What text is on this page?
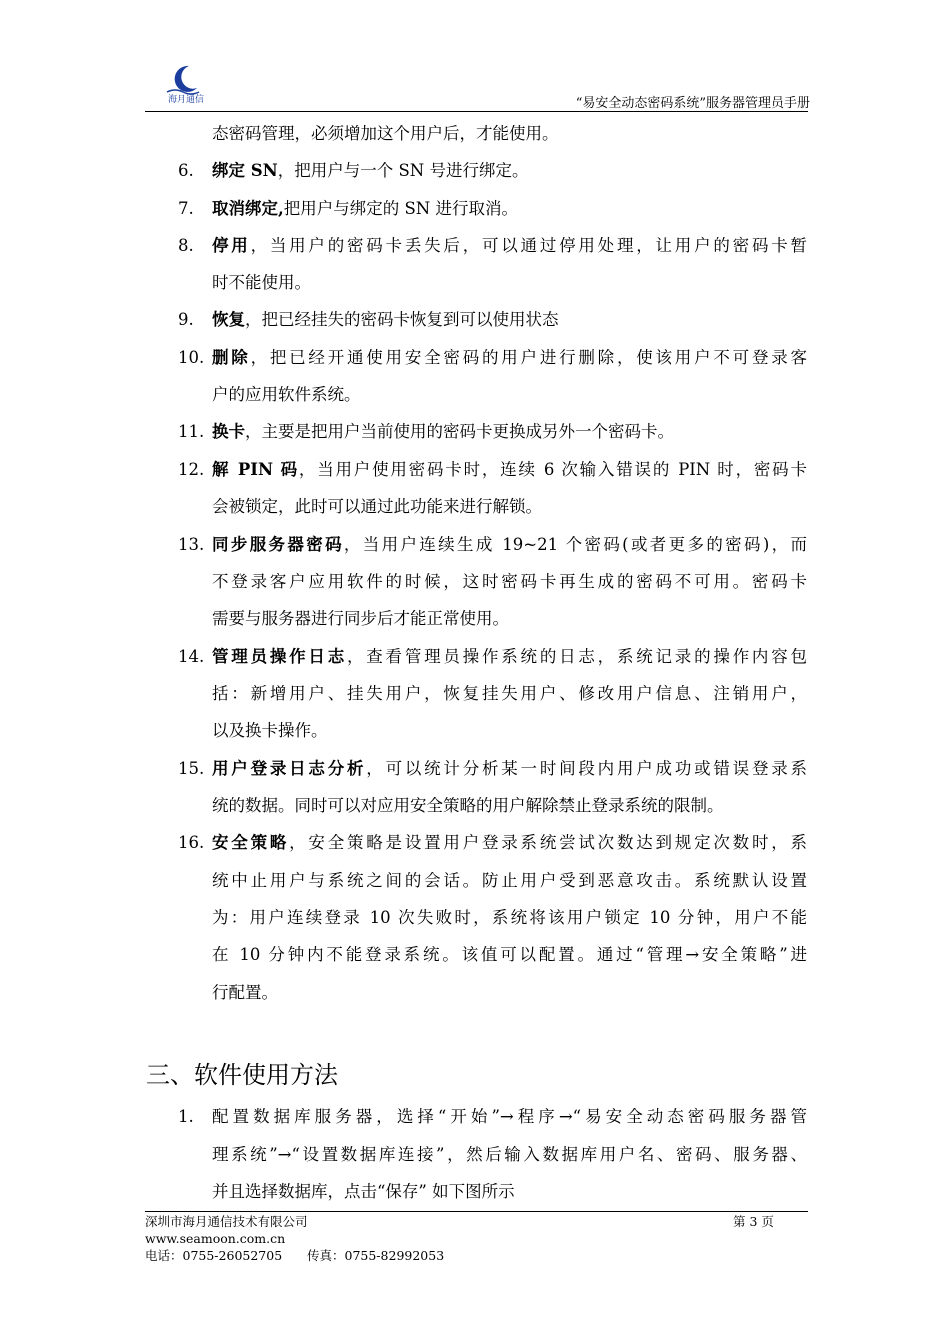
海月通信	“易安全动态密码系统”服务器管理员手册
态密码管理，必须增加这个用户后，才能使用。
6. 绑定 SN，把用户与一个 SN 号进行绑定。
7. 取消绑定,把用户与绑定的 SN 进行取消。
8. 停用，当用户的密码卡丢失后，可以通过停用处理，让用户的密码卡暂
时不能使用。
9. 恢复，把已经挂失的密码卡恢复到可以使用状态
10. 删除，把已经开通使用安全密码的用户进行删除，使该用户不可登录客
户的应用软件系统。
11. 换卡，主要是把用户当前使用的密码卡更换成另外一个密码卡。
12. 解 PIN 码，当用户使用密码卡时，连续 6 次输入错误的 PIN 时，密码卡
会被锁定，此时可以通过此功能来进行解锁。
13. 同步服务器密码，当用户连续生成 19~21 个密码(或者更多的密码)，而
不登录客户应用软件的时候，这时密码卡再生成的密码不可用。密码卡
需要与服务器进行同步后才能正常使用。
14. 管理员操作日志，查看管理员操作系统的日志，系统记录的操作内容包
括：新增用户、挂失用户，恢复挂失用户、修改用户信息、注销用户，
以及换卡操作。
15. 用户登录日志分析，可以统计分析某一时间段内用户成功或错误登录系
统的数据。同时可以对应用安全策略的用户解除禁止登录系统的限制。
16. 安全策略，安全策略是设置用户登录系统尝试次数达到规定次数时，系
统中止用户与系统之间的会话。防止用户受到恶意攻击。系统默认设置
为：用户连续登录 10 次失败时，系统将该用户锁定 10 分钟，用户不能
在 10 分钟内不能登录系统。该值可以配置。通过“管理→安全策略”进
行配置。
三、软件使用方法
1. 配置数据库服务器，选择“开始”→程序→“易安全动态密码服务器管
理系统”→“设置数据库连接”，然后输入数据库用户名、密码、服务器、
并且选择数据库，点击“保存” 如下图所示
深圳市海月通信技术有限公司	第 3 页
www.seamoon.com.cn
电话：0755-26052705 传真：0755-82992053
